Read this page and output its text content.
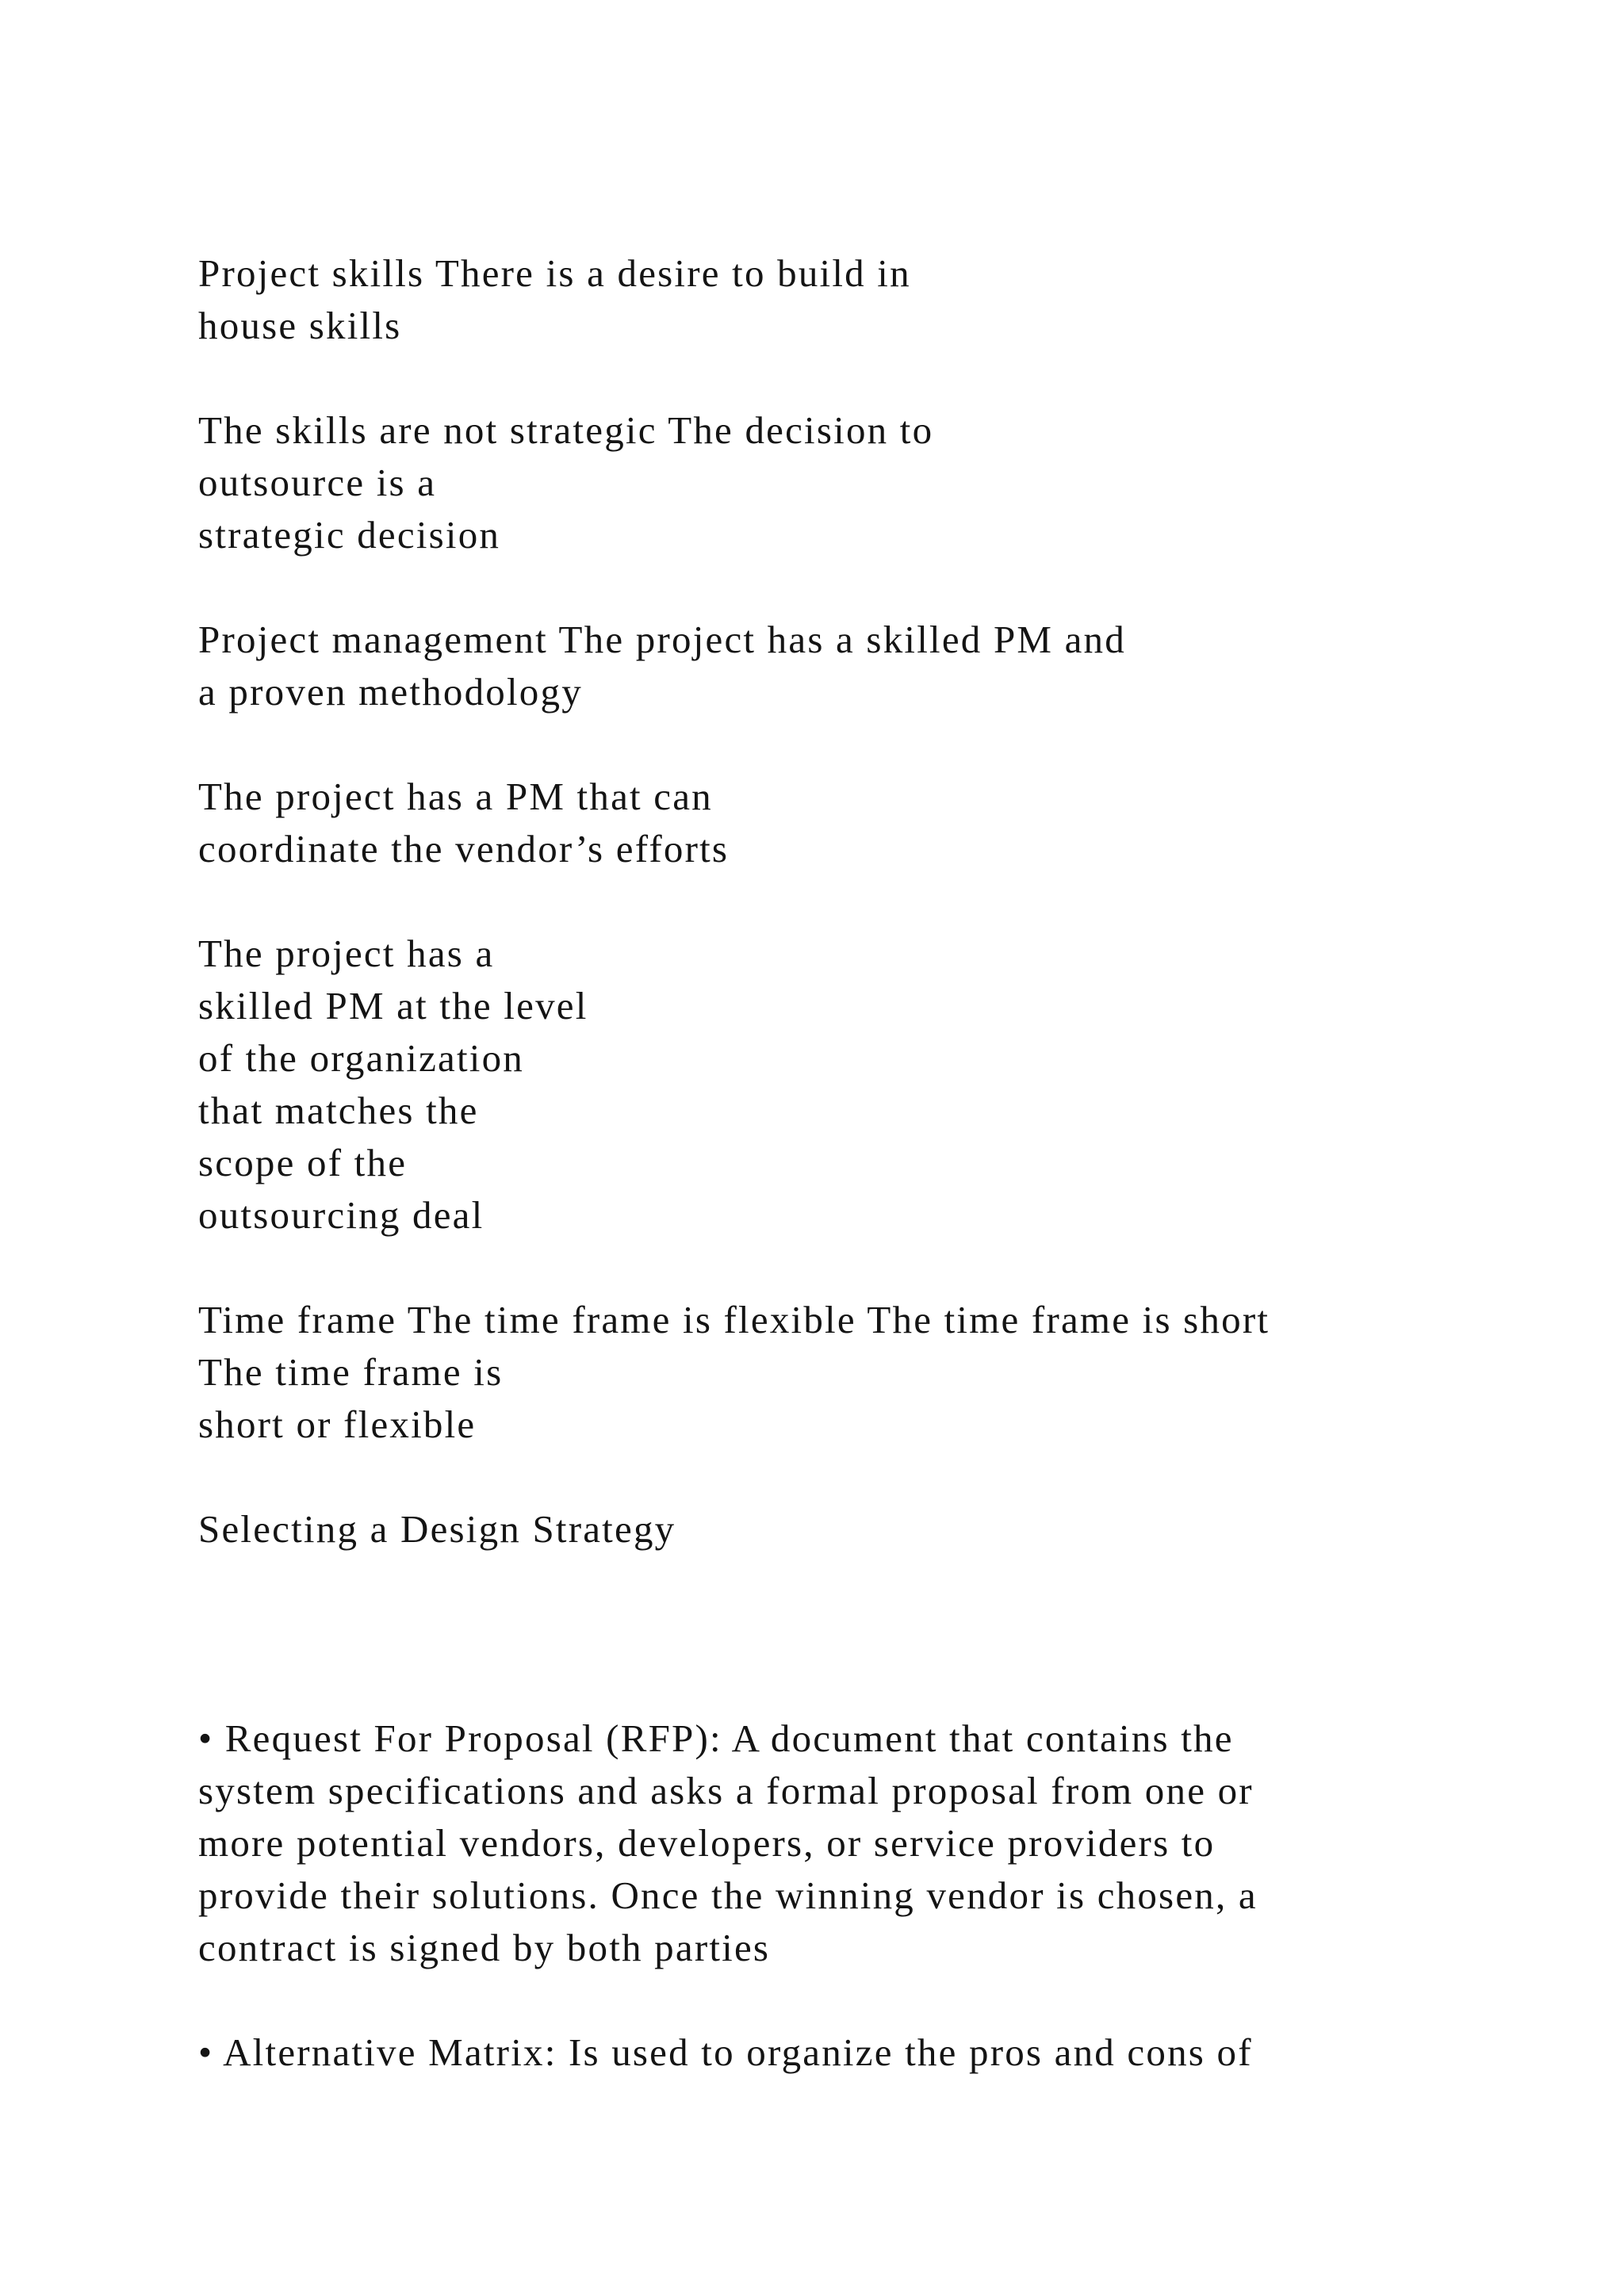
Project skills There is a desire to build in
house skills
The skills are not strategic The decision to
outsource is a
strategic decision
Project management The project has a skilled PM and
a proven methodology
The project has a PM that can
coordinate the vendor’s efforts
The project has a
skilled PM at the level
of the organization
that matches the
scope of the
outsourcing deal
Time frame The time frame is flexible The time frame is short
The time frame is
short or flexible
Selecting a Design Strategy
• Request For Proposal (RFP): A document that contains the
system specifications and asks a formal proposal from one or
more potential vendors, developers, or service providers to
provide their solutions. Once the winning vendor is chosen, a
contract is signed by both parties
• Alternative Matrix: Is used to organize the pros and cons of
